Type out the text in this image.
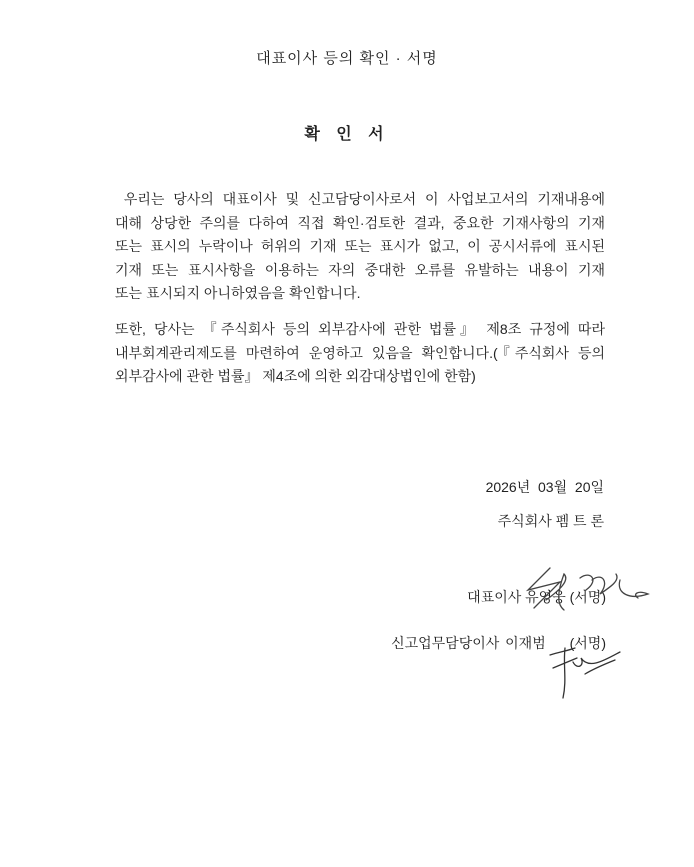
대표이사 등의 확인 · 서명
확 인 서
우리는 당사의 대표이사 및 신고담당이사로서 이 사업보고서의 기재내용에
대해 상당한 주의를 다하여 직접 확인·검토한 결과, 중요한 기재사항의 기재
또는 표시의 누락이나 허위의 기재 또는 표시가 없고, 이 공시서류에 표시된
기재 또는 표시사항을 이용하는 자의 중대한 오류를 유발하는 내용이 기재
또는 표시되지 아니하였음을 확인합니다.
또한, 당사는 『주식회사 등의 외부감사에 관한 법률』 제8조 규정에 따라
내부회계관리제도를 마련하여 운영하고 있음을 확인합니다.(『주식회사 등의
외부감사에 관한 법률』 제4조에 의한 외감대상법인에 한함)
2026년  03월  20일
주식회사 펨 트 론
대표이사 유영웅 (서명)
신고업무담당이사 이재범 (서명)
